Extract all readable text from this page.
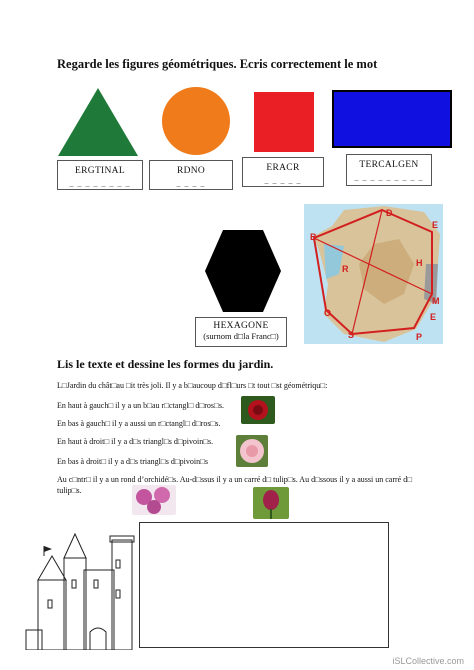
Regarde les figures géométriques. Ecris correctement le mot
ERGTINAL
_ _ _ _ _ _ _ _
RDNO
_ _ _ _
ERACR
_ _ _ _ _
TERCALGEN
_ _ _ _ _ _ _ _ _
HEXAGONE
(surnom d□la Franc□)
B
O
R
D
E
M
E
H
S	P
Lis le texte et dessine les formes du jardin.
L□Jardin du chât□au □it très joli. Il y a b□aucoup d□fl□urs □t tout □st géométriqu□:
En haut à gauch□ il y a un b□au r□ctangl□ d□ros□s.
En bas à gauch□ il y a aussi un r□ctangl□ d□ros□s.
En haut à droit□ il y a d□s triangl□s d□pivoin□s.
En bas à droit□ il y a d□s triangl□s d□pivoin□s
Au c□ntr□ il y a un rond d’orchidé□s. Au-d□ssus il y a un carré d□ tulip□s. Au d□ssous il y a aussi un carré d□ tulip□s.
iSLCollective.com
